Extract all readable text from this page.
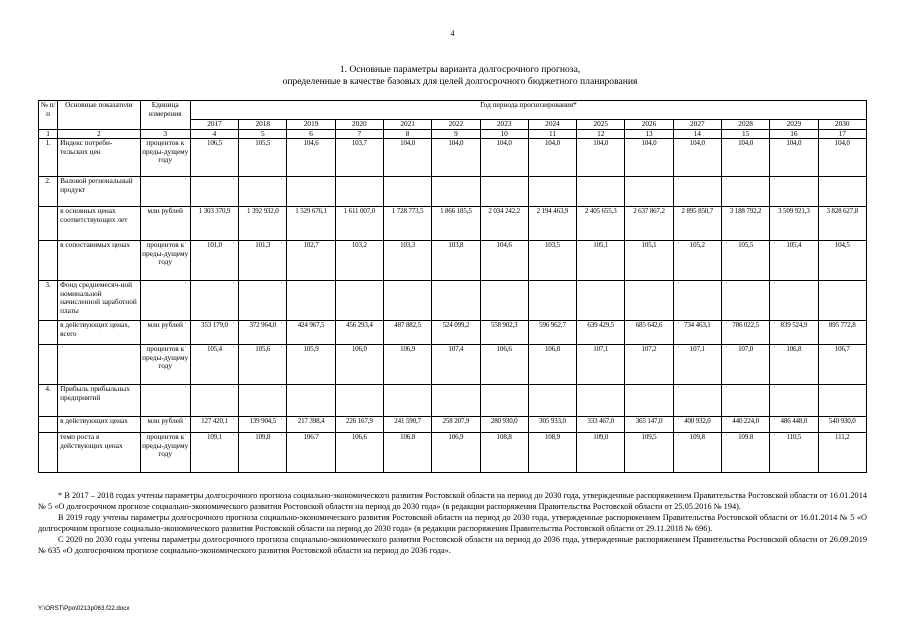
4
1. Основные параметры варианта долгосрочного прогноза,
определенные в качестве базовых для целей долгосрочного бюджетного планирования
№ п/п	Основные показатели	Единица измерения	Год периода прогнозирования*													
			2017	2018	2019	2020	2021	2022	2023	2024	2025	2026	2027	2028	2029	2030
1	2	3	4	5	6	7	8	9	10	11	12	13	14	15	16	17
1.	Индекс потреби-тельских цен	процентов к преды-дущему году	106,5	105,5	104,6	103,7	104,0	104,0	104,0	104,0	104,0	104,0	104,0	104,0	104,0	104,0
2.	Валовой региональный продукт															
	в основных ценах соответствующих лет	млн рублей	1 303 370,9	1 392 932,0	1 529 676,1	1 611 007,0	1 728 773,5	1 866 185,5	2 034 242,2	2 194 463,9	2 405 655,3	2 637 867,2	2 895 850,7	3 188 792,2	3 509 921,3	3 828 627,8
	в сопоставимых ценах	процентов к преды-дущему году	101,0	101,3	102,7	103,2	103,3	103,8	104,6	103,5	105,1	105,1	105,2	105,5	105,4	104,5
3.	Фонд среднемесяч-ной номинальной начисленной заработной платы															
	в действующих ценах, всего	млн рублей	353 179,0	372 964,0	424 967,5	456 293,4	487 882,5	524 099,2	558 902,3	596 962,7	639 429,5	685 642,6	734 463,1	786 022,5	839 524,9	895 772,8
		процентов к преды-дущему году	105,4	105,6	105,9	106,0	106,9	107,4	106,6	106,8	107,1	107,2	107,1	107,0	106,8	106,7
4.	Прибыль прибыльных предприятий															
	в действующих ценах	млн рублей	127 420,1	139 904,5	217 398,4	226 167,9	241 590,7	258 207,9	280 930,0	305 933,0	333 467,0	365 147,0	400 932,0	440 224,0	486 448,0	540 930,0
	темп роста в действующих ценах	процентов к преды-дущему году	109,1	109,8	106.7	106,6	106.8	106,9	108,8	108,9	109,0	109,5	109,8	109.8	110,5	111,2

* В 2017 – 2018 годах учтены параметры долгосрочного прогноза социально-экономического развития Ростовской области на период до 2030 года, утвержденные распоряжением Правительства Ростовской области от 16.01.2014 № 5 «О долгосрочном прогнозе социально-экономического развития Ростовской области на период до 2030 года» (в редакции распоряжения Правительства Ростовской области от 25.05.2016 № 194).

В 2019 году учтены параметры долгосрочного прогноза социально-экономического развития Ростовской области на период до 2030 года, утвержденные распоряжением Правительства Ростовской области от 16.01.2014 № 5 «О долгосрочном прогнозе социально-экономического развития Ростовской области на период до 2030 года» (в редакции распоряжения Правительства Ростовской области от 29.11.2018 № 696).

С 2020 по 2030 годы учтены параметры долгосрочного прогноза социально-экономического развития Ростовской области на период до 2036 года, утвержденные распоряжением Правительства Ростовской области от 26.09.2019 № 635 «О долгосрочном прогнозе социально-экономического развития Ростовской области на период до 2036 года».

Y:\ORST\Ppo\0213p063.f22.docx
